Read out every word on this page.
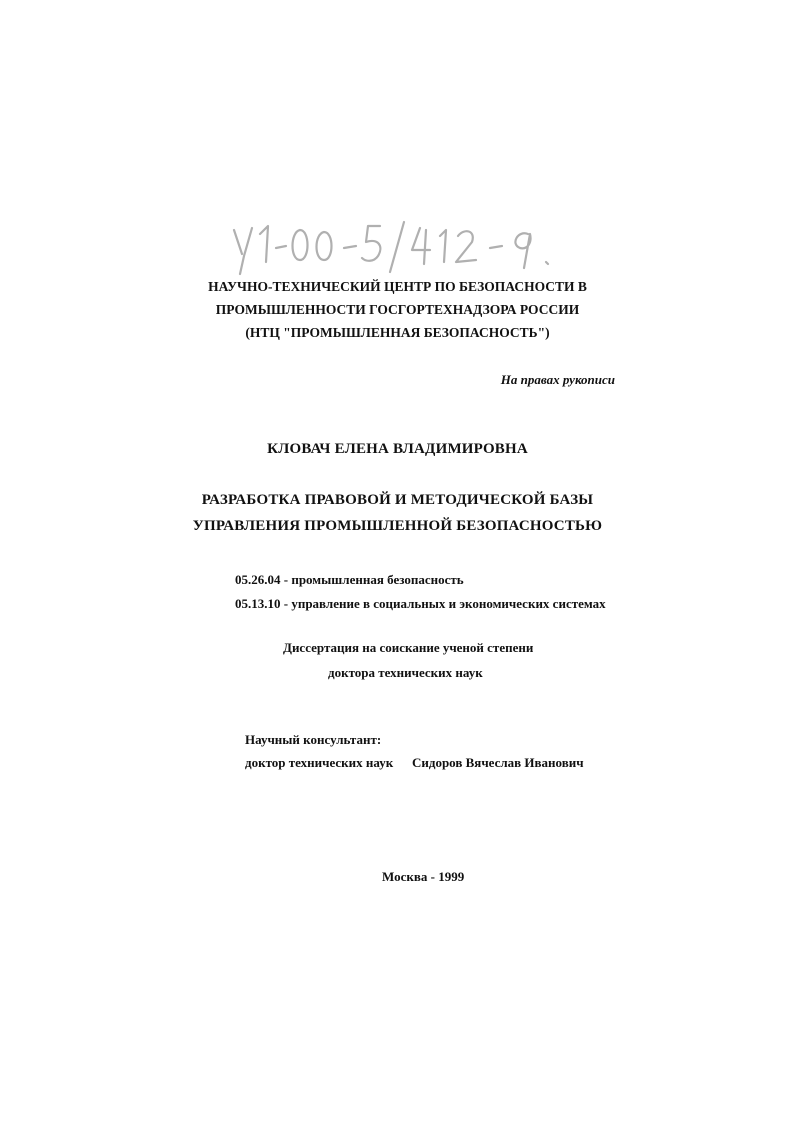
НАУЧНО-ТЕХНИЧЕСКИЙ ЦЕНТР ПО БЕЗОПАСНОСТИ В
ПРОМЫШЛЕННОСТИ ГОСГОРТЕХНАДЗОРА РОССИИ
(НТЦ "ПРОМЫШЛЕННАЯ БЕЗОПАСНОСТЬ")
На правах рукописи
КЛОВАЧ ЕЛЕНА ВЛАДИМИРОВНА
РАЗРАБОТКА ПРАВОВОЙ И МЕТОДИЧЕСКОЙ БАЗЫ
УПРАВЛЕНИЯ ПРОМЫШЛЕННОЙ БЕЗОПАСНОСТЬЮ
05.26.04 - промышленная безопасность
05.13.10 - управление в социальных и экономических системах
Диссертация на соискание ученой степени
доктора технических наук
Научный консультант:
доктор технических наук Сидоров Вячеслав Иванович
Москва - 1999
